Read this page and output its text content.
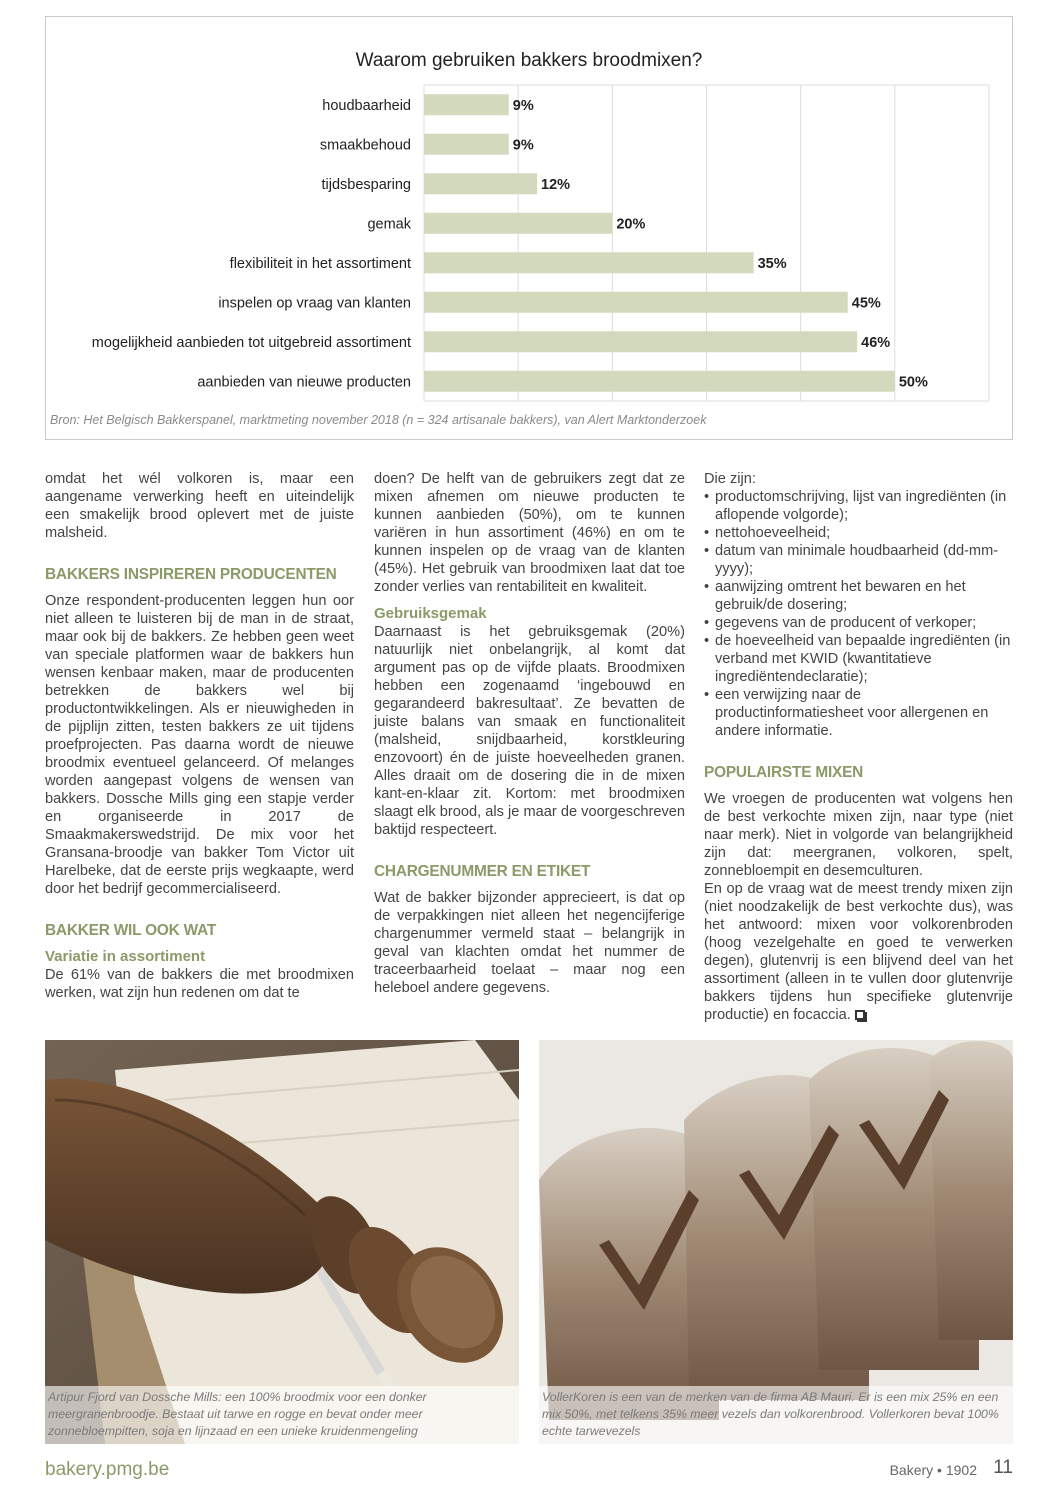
Waarom gebruiken bakkers broodmixen?
houdbaarheid	9%
smaakbehoud	9%
tijdsbesparing	12%
gemak	20%
flexibiliteit in het assortiment	35%
inspelen op vraag van klanten	45%
mogelijkheid aanbieden tot uitgebreid assortiment	46%
aanbieden van nieuwe producten	50%
Bron: Het Belgisch Bakkerspanel, marktmeting november 2018 (n = 324 artisanale bakkers), van Alert Marktonderzoek

omdat het wél volkoren is, maar een aangename verwerking heeft en uiteindelijk een smakelijk brood oplevert met de juiste malsheid.

BAKKERS INSPIREREN PRODUCENTEN

Onze respondent-producenten leggen hun oor niet alleen te luisteren bij de man in de straat, maar ook bij de bakkers. Ze hebben geen weet van speciale platformen waar de bakkers hun wensen kenbaar maken, maar de producenten betrekken de bakkers wel bij productontwikkelingen. Als er nieuwigheden in de pijplijn zitten, testen bakkers ze uit tijdens proefprojecten. Pas daarna wordt de nieuwe broodmix eventueel gelanceerd. Of melanges worden aangepast volgens de wensen van bakkers. Dossche Mills ging een stapje verder en organiseerde in 2017 de Smaakmakerswedstrijd. De mix voor het Gransana-broodje van bakker Tom Victor uit Harelbeke, dat de eerste prijs wegkaapte, werd door het bedrijf gecommercialiseerd.

BAKKER WIL OOK WAT
Variatie in assortiment

De 61% van de bakkers die met broodmixen werken, wat zijn hun redenen om dat te

doen? De helft van de gebruikers zegt dat ze mixen afnemen om nieuwe producten te kunnen aanbieden (50%), om te kunnen variëren in hun assortiment (46%) en om te kunnen inspelen op de vraag van de klanten (45%). Het gebruik van broodmixen laat dat toe zonder verlies van rentabiliteit en kwaliteit.

Gebruiksgemak

Daarnaast is het gebruiksgemak (20%) natuurlijk niet onbelangrijk, al komt dat argument pas op de vijfde plaats. Broodmixen hebben een zogenaamd ‘ingebouwd en gegarandeerd bakresultaat’. Ze bevatten de juiste balans van smaak en functionaliteit (malsheid, snijdbaarheid, korstkleuring enzovoort) én de juiste hoeveelheden granen. Alles draait om de dosering die in de mixen kant-en-klaar zit. Kortom: met broodmixen slaagt elk brood, als je maar de voorgeschreven baktijd respecteert.

CHARGENUMMER EN ETIKET

Wat de bakker bijzonder apprecieert, is dat op de verpakkingen niet alleen het negencijferige chargenummer vermeld staat – belangrijk in geval van klachten omdat het nummer de traceerbaarheid toelaat – maar nog een heleboel andere gegevens.

Die zijn:

• productomschrijving, lijst van ingrediënten (in aflopende volgorde);
• nettohoeveelheid;
• datum van minimale houdbaarheid (dd-mm-yyyy);
• aanwijzing omtrent het bewaren en het gebruik/de dosering;
• gegevens van de producent of verkoper;
• de hoeveelheid van bepaalde ingrediënten (in verband met KWID (kwantitatieve ingrediëntendeclaratie);
• een verwijzing naar de productinformatiesheet voor allergenen en andere informatie.
POPULAIRSTE MIXEN

We vroegen de producenten wat volgens hen de best verkochte mixen zijn, naar type (niet naar merk). Niet in volgorde van belangrijkheid zijn dat: meergranen, volkoren, spelt, zonnebloempit en desemculturen.

En op de vraag wat de meest trendy mixen zijn (niet noodzakelijk de best verkochte dus), was het antwoord: mixen voor volkorenbroden (hoog vezelgehalte en goed te verwerken degen), glutenvrij is een blijvend deel van het assortiment (alleen in te vullen door glutenvrije bakkers tijdens hun specifieke glutenvrije productie) en focaccia.

Artipur Fjord van Dossche Mills: een 100% broodmix voor een donker meergranenbroodje. Bestaat uit tarwe en rogge en bevat onder meer zonnebloempitten, soja en lijnzaad en een unieke kruidenmengeling
VollerKoren is een van de merken van de firma AB Mauri. Er is een mix 25% en een mix 50%, met telkens 35% meer vezels dan volkorenbrood. Vollerkoren bevat 100% echte tarwevezels
bakery.pmg.be	Bakery • 1902 11
